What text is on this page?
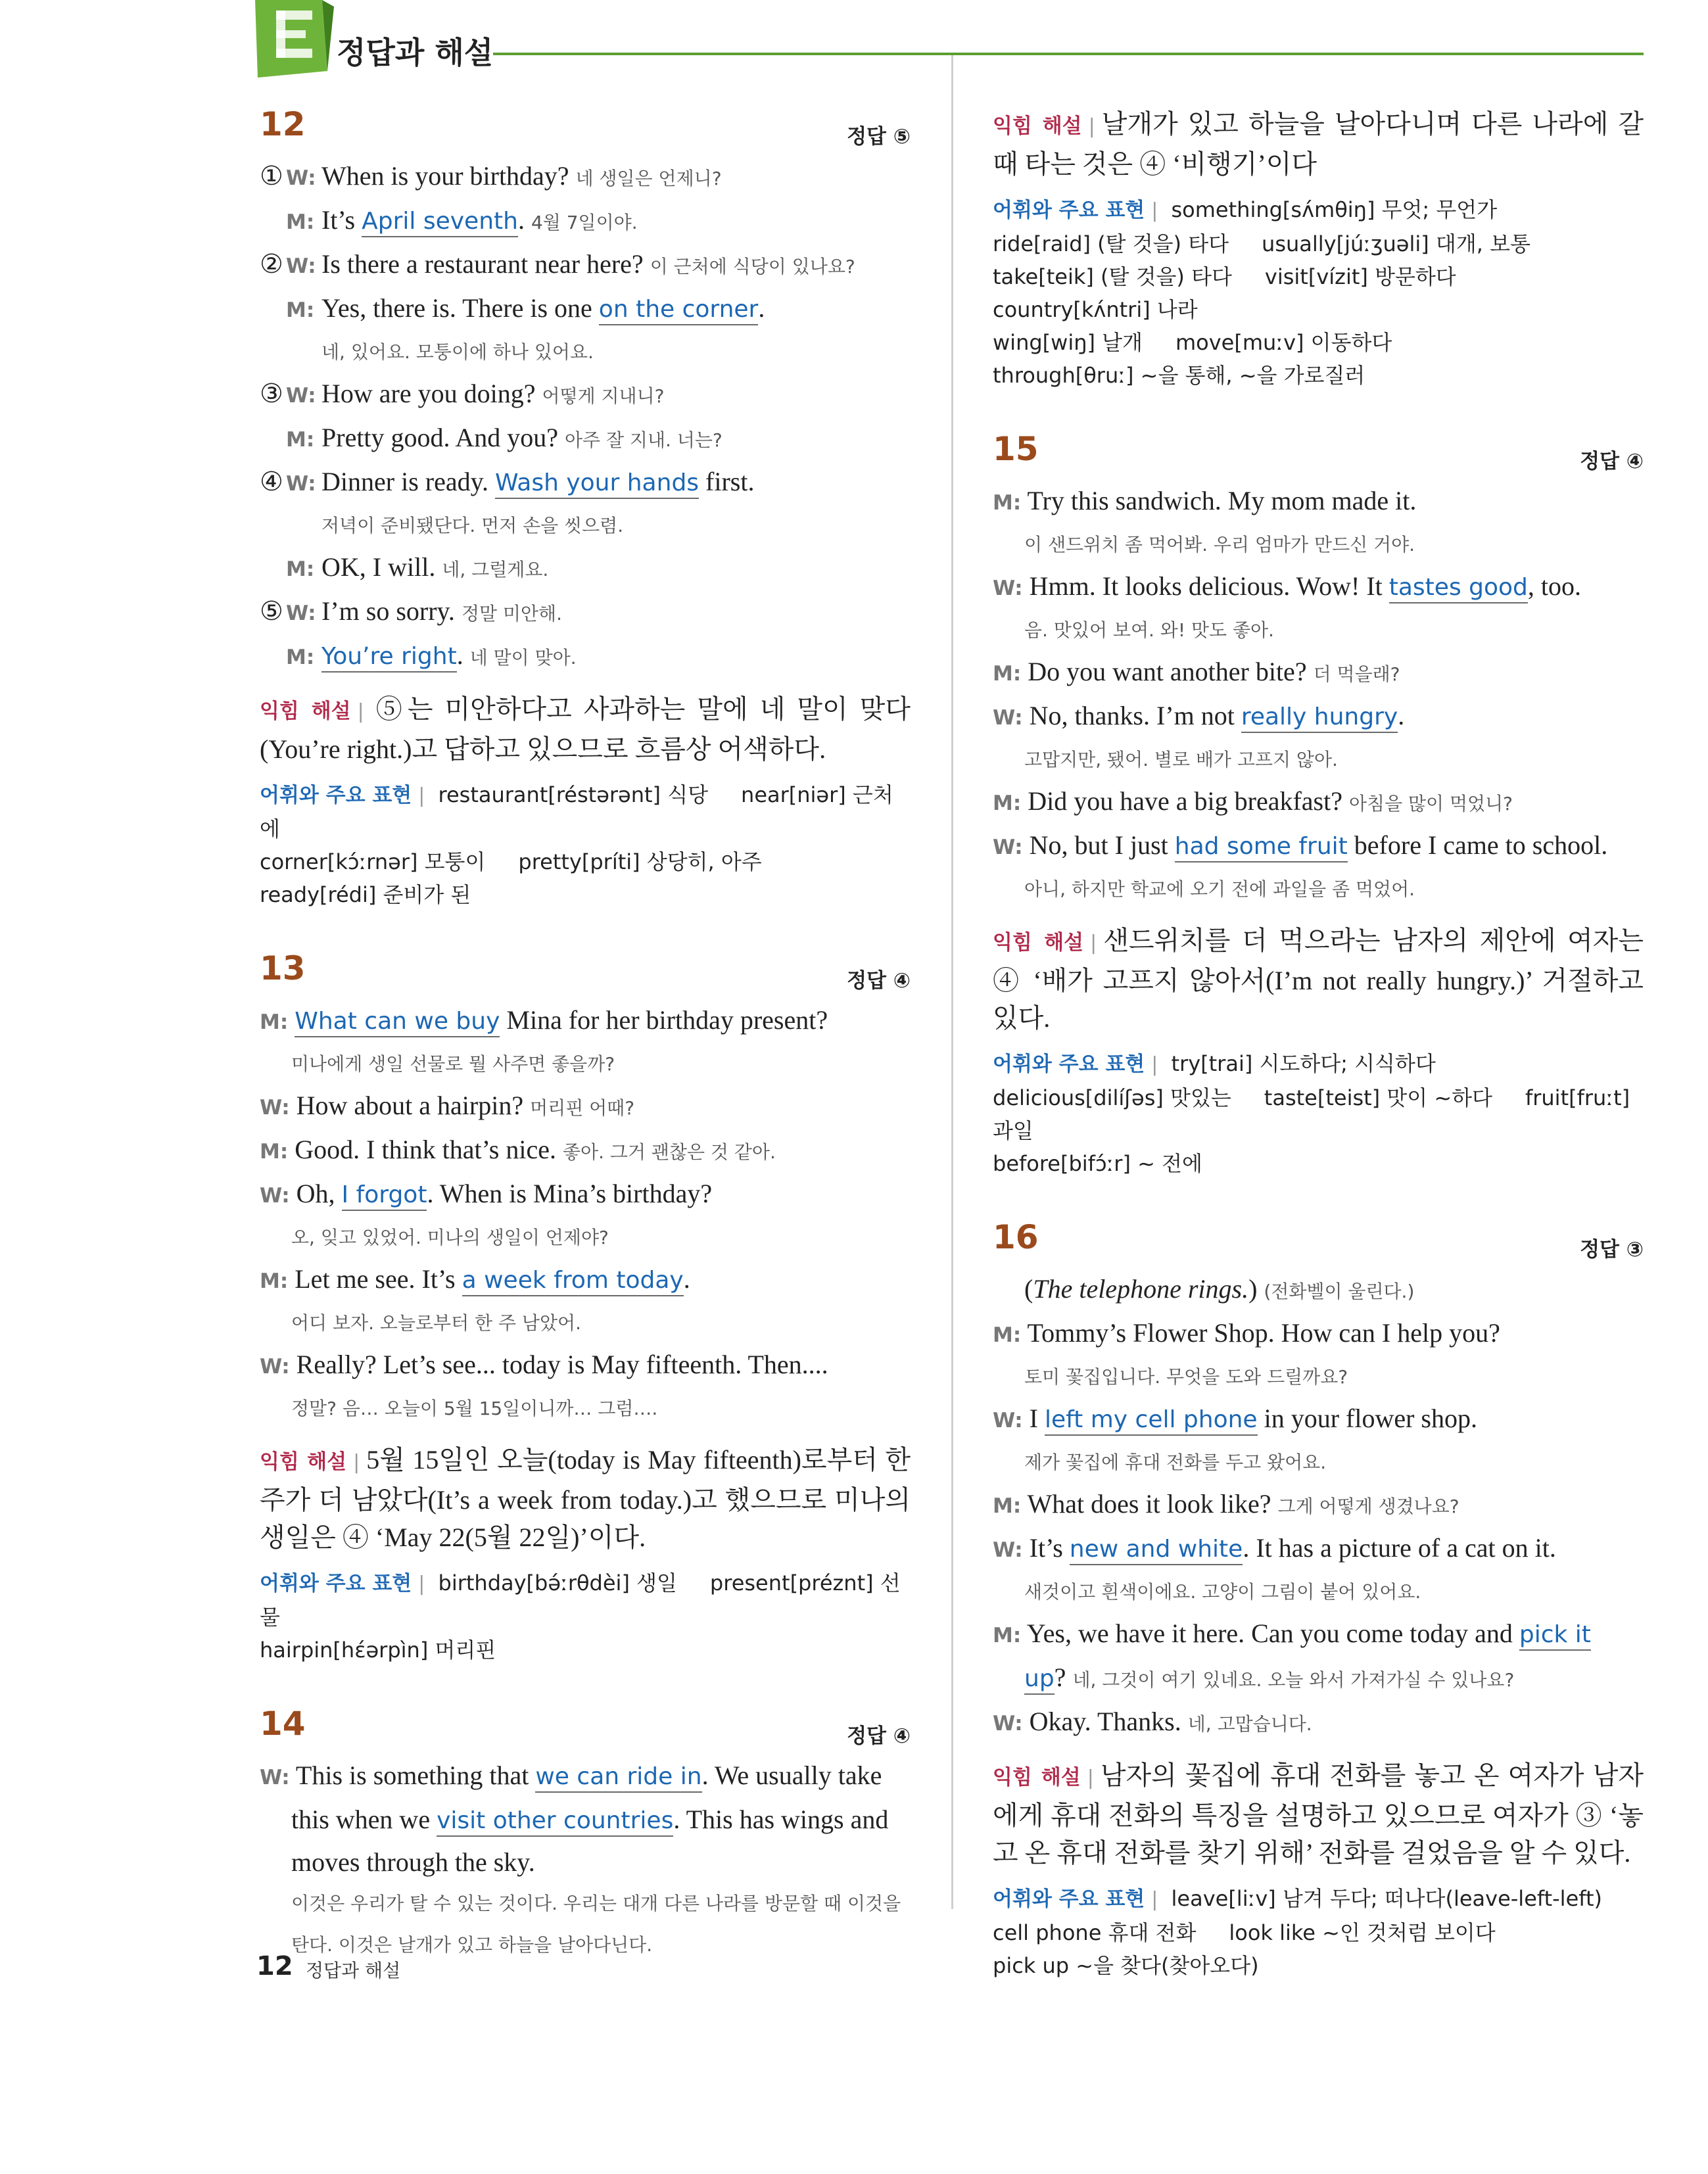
정답과 해설
12	정답 ⑤
① W: When is your birthday? 네 생일은 언제니?
M: It’s April seventh. 4월 7일이야.
② W: Is there a restaurant near here? 이 근처에 식당이 있나요?
M: Yes, there is. There is one on the corner.
네, 있어요. 모퉁이에 하나 있어요.
③ W: How are you doing? 어떻게 지내니?
M: Pretty good. And you? 아주 잘 지내. 너는?
④ W: Dinner is ready. Wash your hands first.
저녁이 준비됐단다. 먼저 손을 씻으렴.
M: OK, I will. 네, 그럴게요.
⑤ W: I’m so sorry. 정말 미안해.
M: You’re right. 네 말이 맞아.
익힘 해설 | ⑤는 미안하다고 사과하는 말에 네 말이 맞다(You’re right.)고 답하고 있으므로 흐름상 어색하다.
어휘와 주요 표현 | restaurant[réstərənt] 식당 near[niər] 근처에
corner[kɔ́ːrnər] 모퉁이 pretty[príti] 상당히, 아주
ready[rédi] 준비가 된
13	정답 ④
M: What can we buy Mina for her birthday present?
미나에게 생일 선물로 뭘 사주면 좋을까?
W: How about a hairpin? 머리핀 어때?
M: Good. I think that’s nice. 좋아. 그거 괜찮은 것 같아.
W: Oh, I forgot. When is Mina’s birthday?
오, 잊고 있었어. 미나의 생일이 언제야?
M: Let me see. It’s a week from today.
어디 보자. 오늘로부터 한 주 남았어.
W: Really? Let’s see... today is May fifteenth. Then....
정말? 음… 오늘이 5월 15일이니까… 그럼….
익힘 해설 | 5월 15일인 오늘(today is May fifteenth)로부터 한 주가 더 남았다(It’s a week from today.)고 했으므로 미나의 생일은 ④ ‘May 22(5월 22일)’이다.
어휘와 주요 표현 | birthday[bə́ːrθdèi] 생일 present[préznt] 선물
hairpin[hɛ́ərpìn] 머리핀
14	정답 ④
W: This is something that we can ride in. We usually take
this when we visit other countries. This has wings and
moves through the sky.
이것은 우리가 탈 수 있는 것이다. 우리는 대개 다른 나라를 방문할 때 이것을 탄다. 이것은 날개가 있고 하늘을 날아다닌다.
익힘 해설 | 날개가 있고 하늘을 날아다니며 다른 나라에 갈 때 타는 것은 ④ ‘비행기’이다
어휘와 주요 표현 | something[sʌ́mθiŋ] 무엇; 무언가
ride[raid] (탈 것을) 타다 usually[júːʒuəli] 대개, 보통
take[teik] (탈 것을) 타다 visit[vízit] 방문하다country[kʌ́ntri] 나라
wing[wiŋ] 날개 move[muːv] 이동하다
through[θruː] ~을 통해, ~을 가로질러
15	정답 ④
M: Try this sandwich. My mom made it.
이 샌드위치 좀 먹어봐. 우리 엄마가 만드신 거야.
W: Hmm. It looks delicious. Wow! It tastes good, too.
음. 맛있어 보여. 와! 맛도 좋아.
M: Do you want another bite? 더 먹을래?
W: No, thanks. I’m not really hungry.
고맙지만, 됐어. 별로 배가 고프지 않아.
M: Did you have a big breakfast? 아침을 많이 먹었니?
W: No, but I just had some fruit before I came to school.
아니, 하지만 학교에 오기 전에 과일을 좀 먹었어.
익힘 해설 | 샌드위치를 더 먹으라는 남자의 제안에 여자는 ④ ‘배가 고프지 않아서(I’m not really hungry.)’ 거절하고 있다.
어휘와 주요 표현 | try[trai] 시도하다; 시식하다
delicious[dilíʃəs] 맛있는 taste[teist] 맛이 ~하다 fruit[fruːt] 과일
before[bifɔ́ːr] ~ 전에
16	정답 ③
(The telephone rings.) (전화벨이 울린다.)
M: Tommy’s Flower Shop. How can I help you?
토미 꽃집입니다. 무엇을 도와 드릴까요?
W: I left my cell phone in your flower shop.
제가 꽃집에 휴대 전화를 두고 왔어요.
M: What does it look like? 그게 어떻게 생겼나요?
W: It’s new and white. It has a picture of a cat on it.
새것이고 흰색이에요. 고양이 그림이 붙어 있어요.
M: Yes, we have it here. Can you come today and pick it
up? 네, 그것이 여기 있네요. 오늘 와서 가져가실 수 있나요?
W: Okay. Thanks. 네, 고맙습니다.
익힘 해설 | 남자의 꽃집에 휴대 전화를 놓고 온 여자가 남자에게 휴대 전화의 특징을 설명하고 있으므로 여자가 ③ ‘놓고 온 휴대 전화를 찾기 위해’ 전화를 걸었음을 알 수 있다.
어휘와 주요 표현 | leave[liːv] 남겨 두다; 떠나다(leave-left-left)
cell phone 휴대 전화 look like ~인 것처럼 보이다
pick up ~을 찾다(찾아오다)
12 정답과 해설
